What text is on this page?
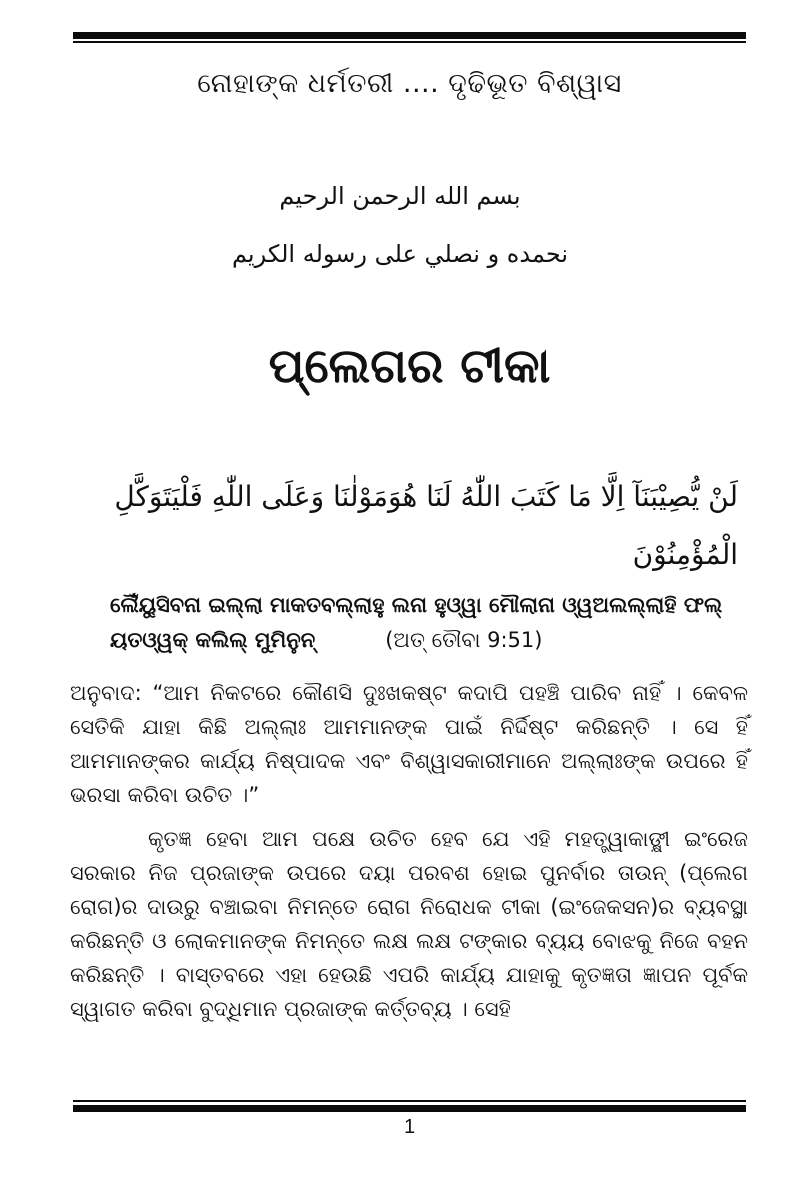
ନୋହାଙ୍କ ଧର୍ମତରୀ .... ଦୃଢିଭୂତ ବିଶ୍ୱାସ
بسم الله الرحمن الرحيم
نحمده و نصلي على رسوله الكريم
ପ୍ଲେଗର ଟୀକା
لَنْ يُّصِيْبَنَآ اِلَّا مَا كَتَبَ اللّٰهُ لَنَا هُوَمَوْلٰنَا وَعَلَى اللّٰهِ فَلْيَتَوَكَّلِ الْمُؤْمِنُوْنَ
ଲୈଁୟୁସିବନା ଇଲ୍ଲା ମାକତବଲ୍ଲାହୁ ଲନା ହୁଓ୍ୱା ମୌଲାନା ଓ୍ୱଅଲଲ୍ଲାହି ଫଲ୍
ୟତଓ୍ୱକ୍ କଲିଲ୍ ମୁମିନୁନ୍	(ଅତ୍ ତୌବା 9:51)

ଅନୁବାଦ: “ଆମ ନିକଟରେ କୌଣସି ଦୁଃଖକଷ୍ଟ କଦାପି ପହଞ୍ଚି ପାରିବ ନାହିଁ । କେବଳ ସେତିକି ଯାହା କିଛି ଅଲ୍ଲାଃ ଆମମାନଙ୍କ ପାଇଁ ନିର୍ଦ୍ଦିଷ୍ଟ କରିଛନ୍ତି । ସେ ହିଁ ଆମମାନଙ୍କର କାର୍ଯ୍ୟ ନିଷ୍ପାଦକ ଏବଂ ବିଶ୍ୱାସକାରୀମାନେ ଅଲ୍ଲାଃଙ୍କ ଉପରେ ହିଁ ଭରସା କରିବା ଉଚିତ ।”

କୃତଜ୍ଞ ହେବା ଆମ ପକ୍ଷେ ଉଚିତ ହେବ ଯେ ଏହି ମହତ୍ତ୍ୱାକାଙ୍କ୍ଷୀ ଇଂରେଜ ସରକାର ନିଜ ପ୍ରଜାଙ୍କ ଉପରେ ଦୟା ପରବଶ ହୋଇ ପୁନର୍ବାର ତାଉନ୍ (ପ୍ଲେଗ ରୋଗ)ର ଦାଉରୁ ବଞ୍ଚାଇବା ନିମନ୍ତେ ରୋଗ ନିରୋଧକ ଟୀକା (ଇଂଜେକସନ)ର ବ୍ୟବସ୍ଥା କରିଛନ୍ତି ଓ ଲୋକମାନଙ୍କ ନିମନ୍ତେ ଲକ୍ଷ ଲକ୍ଷ ଟଙ୍କାର ବ୍ୟୟ ବୋଝକୁ ନିଜେ ବହନ କରିଛନ୍ତି । ବାସ୍ତବରେ ଏହା ହେଉଛି ଏପରି କାର୍ଯ୍ୟ ଯାହାକୁ କୃତଜ୍ଞତା ଜ୍ଞାପନ ପୂର୍ବକ ସ୍ୱାଗତ କରିବା ବୁଦ୍ଧିମାନ ପ୍ରଜାଙ୍କ କର୍ତ୍ତବ୍ୟ । ସେହି

1
